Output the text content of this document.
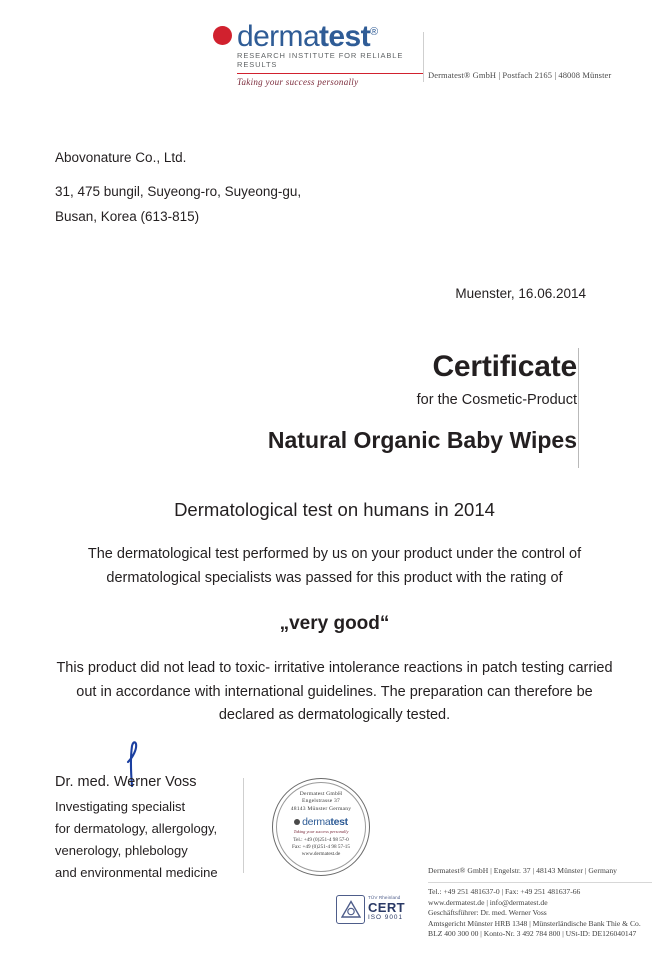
dermatest®
RESEARCH INSTITUTE FOR RELIABLE RESULTS
Taking your success personally
Dermatest® GmbH | Postfach 2165 | 48008 Münster
Abovonature Co., Ltd.
31, 475 bungil, Suyeong-ro, Suyeong-gu,
Busan, Korea (613-815)
Muenster, 16.06.2014
Certificate
for the Cosmetic-Product
Natural Organic Baby Wipes
Dermatological test on humans in 2014
The dermatological test performed by us on your product under the control of dermatological specialists was passed for this product with the rating of
„very good“
This product did not lead to toxic- irritative intolerance reactions in patch testing carried out in accordance with international guidelines. The preparation can therefore be declared as dermatologically tested.
Dr. med. Werner Voss
Investigating specialist
for dermatology, allergology,
venerology, phlebology
and environmental medicine
Dermatest GmbH
Engelstrasse 37
48143 Münster Germany
dermatest
Taking your success personally
Tel.: +49 (0)251-4 98 57-0
Fax: +49 (0)251-4 98 57-15
www.dermatest.de
TÜV Rheinland
CERT
ISO 9001
Dermatest® GmbH | Engelstr. 37 | 48143 Münster | Germany
Tel.: +49 251 481637-0 | Fax: +49 251 481637-66
www.dermatest.de | info@dermatest.de
Geschäftsführer: Dr. med. Werner Voss
Amtsgericht Münster HRB 1348 | Münsterländische Bank Thie & Co.
BLZ 400 300 00 | Konto-Nr. 3 492 784 800 | USt-ID: DE126040147
